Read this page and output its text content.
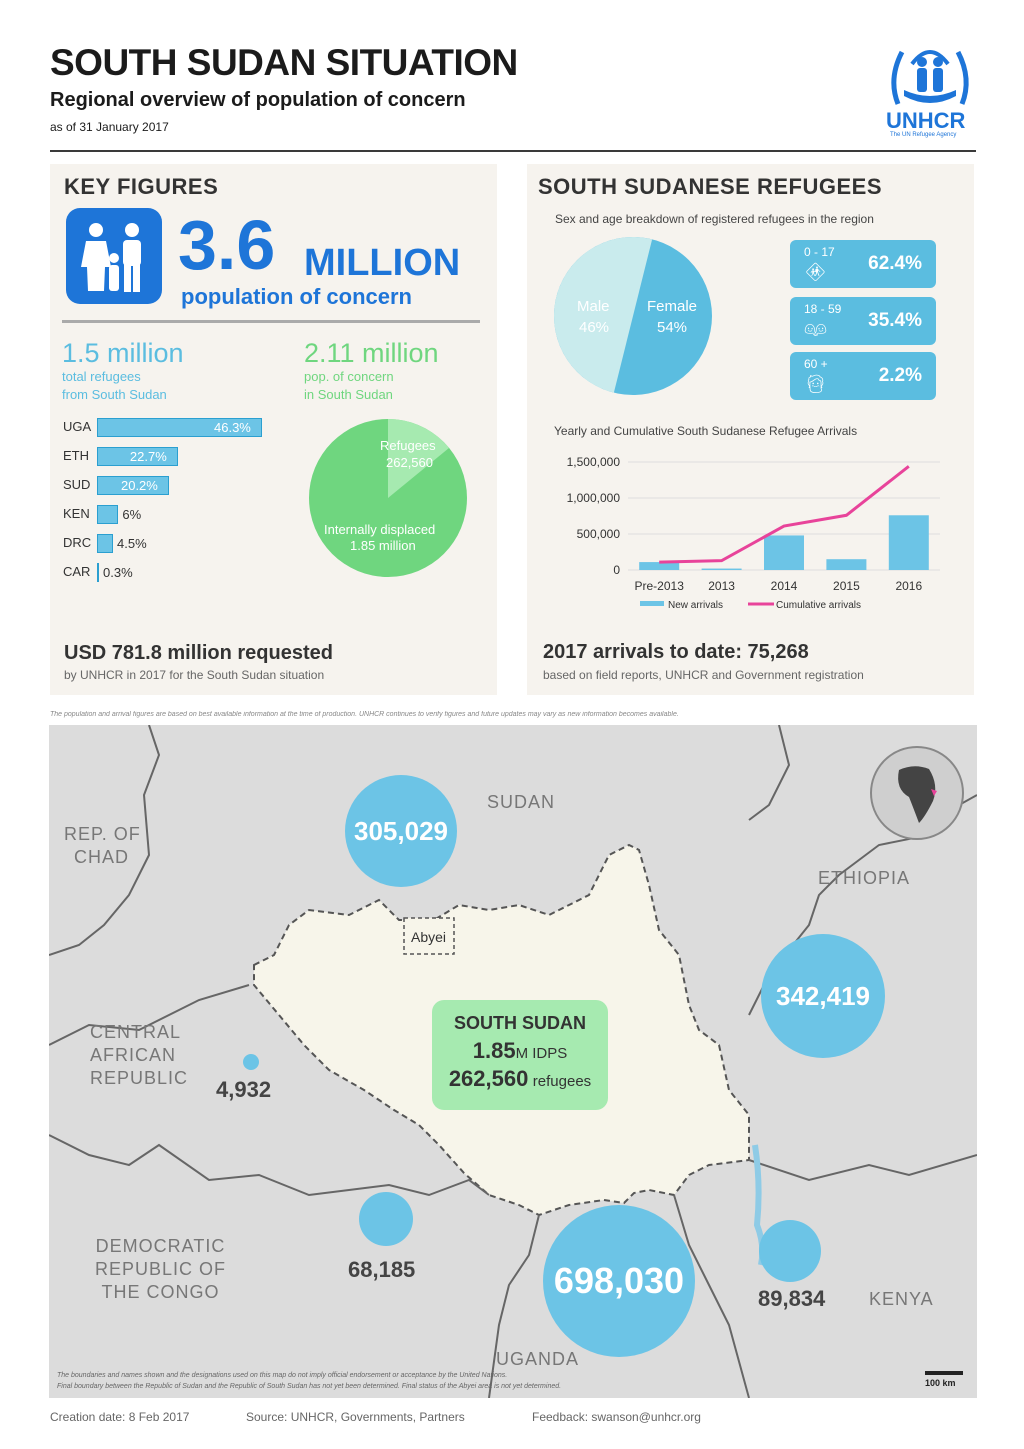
SOUTH SUDAN SITUATION
Regional overview of population of concern
as of 31 January 2017	UNHCR
The UN Refugee Agency
KEY FIGURES
3.6 MILLION
population of concern
1.5 million
total refugees
from South Sudan
2.11 million
pop. of concern
in South Sudan
UGA	46.3%
ETH	22.7%
SUD 20.2%
KEN	6%
DRC 4.5%
CAR 0.3%
Refugees
262,560
Internally displaced
1.85 million
USD 781.8 million requested
by UNHCR in 2017 for the South Sudan situation
SOUTH SUDANESE REFUGEES
Sex and age breakdown of registered refugees in the region
Male
46%
Female
54%
0 - 17
🚸︎ 62.4%
18 - 59
👫︎ 35.4%
60 +
🧓︎	2.2%
Yearly and Cumulative South Sudanese Refugee Arrivals
0
500,000
1,000,000
1,500,000
Pre-2013 2013	2014	2015	2016
New arrivals	Cumulative arrivals
2017 arrivals to date: 75,268
based on field reports, UNHCR and Government registration
The population and arrival figures are based on best available information at the time of production. UNHCR continues to verify figures and future updates may vary as new information becomes available.
REP. OF
CHAD
SUDAN
ETHIOPIA
CENTRAL
AFRICAN
REPUBLIC
DEMOCRATIC
REPUBLIC OF
THE CONGO
UGANDA
KENYA
Abyei
305,029
342,419
4,932
68,185	698,030	89,834
SOUTH SUDAN
1.85M IDPS
262,560 refugees
The boundaries and names shown and the designations used on this map do not imply official endorsement or acceptance by the United Nations.
Final boundary between the Republic of Sudan and the Republic of South Sudan has not yet been determined. Final status of the Abyei area is not yet determined.	100 km
Creation date: 8 Feb 2017	Source: UNHCR, Governments, Partners	Feedback: swanson@unhcr.org
